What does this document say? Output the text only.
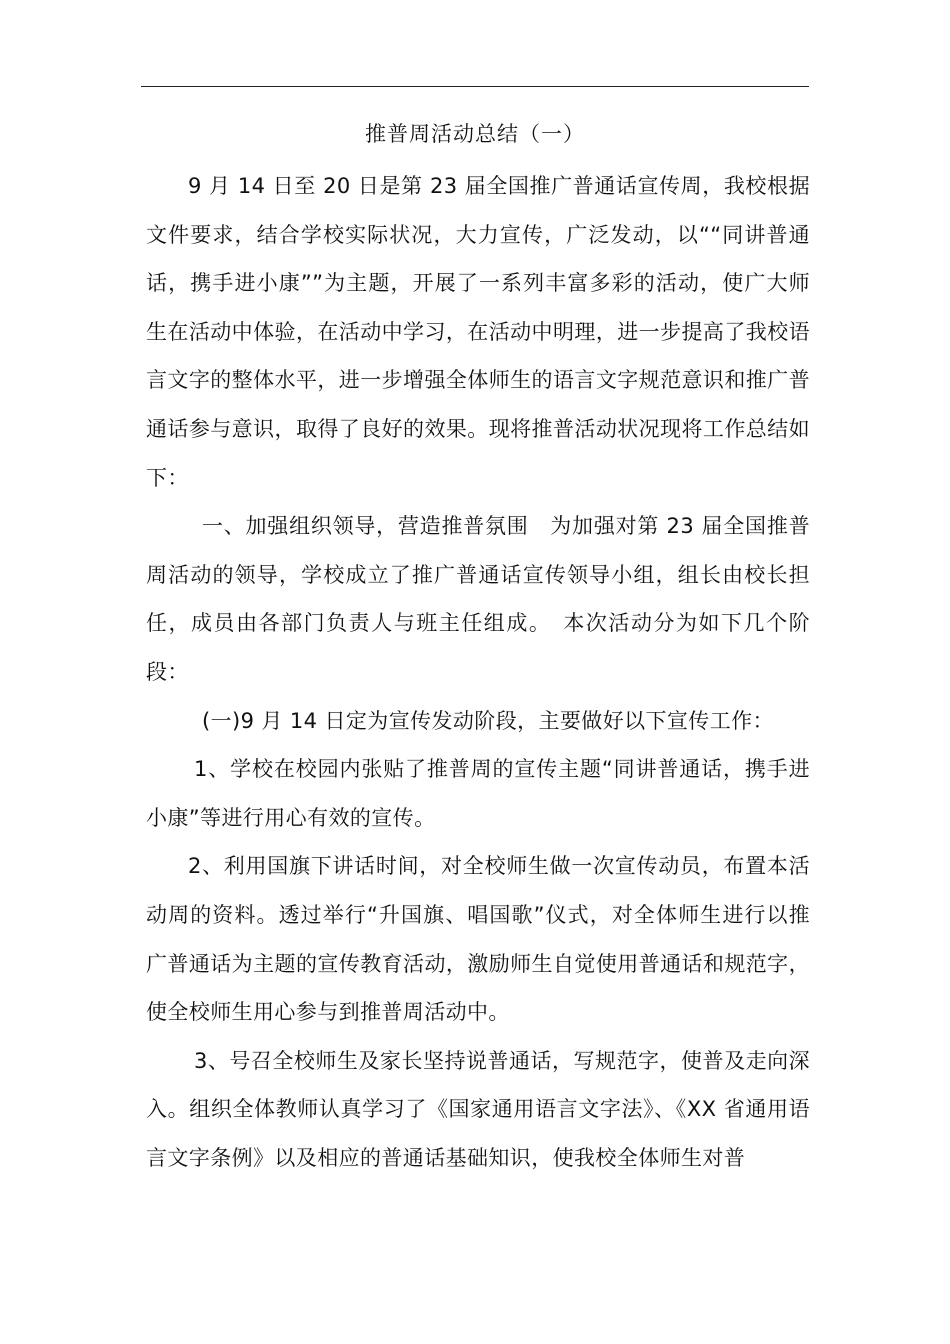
推普周活动总结（一）

9 月 14 日至 20 日是第 23 届全国推广普通话宣传周，我校根据文件要求，结合学校实际状况，大力宣传，广泛发动，以““同讲普通话，携手进小康””为主题，开展了一系列丰富多彩的活动，使广大师生在活动中体验，在活动中学习，在活动中明理，进一步提高了我校语言文字的整体水平，进一步增强全体师生的语言文字规范意识和推广普通话参与意识，取得了良好的效果。现将推普活动状况现将工作总结如下：

一、加强组织领导，营造推普氛围　为加强对第 23 届全国推普周活动的领导，学校成立了推广普通话宣传领导小组，组长由校长担任，成员由各部门负责人与班主任组成。　本次活动分为如下几个阶段：

(一)9 月 14 日定为宣传发动阶段，主要做好以下宣传工作：

1、学校在校园内张贴了推普周的宣传主题“同讲普通话，携手进小康”等进行用心有效的宣传。

2、利用国旗下讲话时间，对全校师生做一次宣传动员，布置本活动周的资料。透过举行“升国旗、唱国歌”仪式，对全体师生进行以推广普通话为主题的宣传教育活动，激励师生自觉使用普通话和规范字，使全校师生用心参与到推普周活动中。

3、号召全校师生及家长坚持说普通话，写规范字，使普及走向深入。组织全体教师认真学习了《国家通用语言文字法》、《XX 省通用语言文字条例》以及相应的普通话基础知识，使我校全体师生对普
